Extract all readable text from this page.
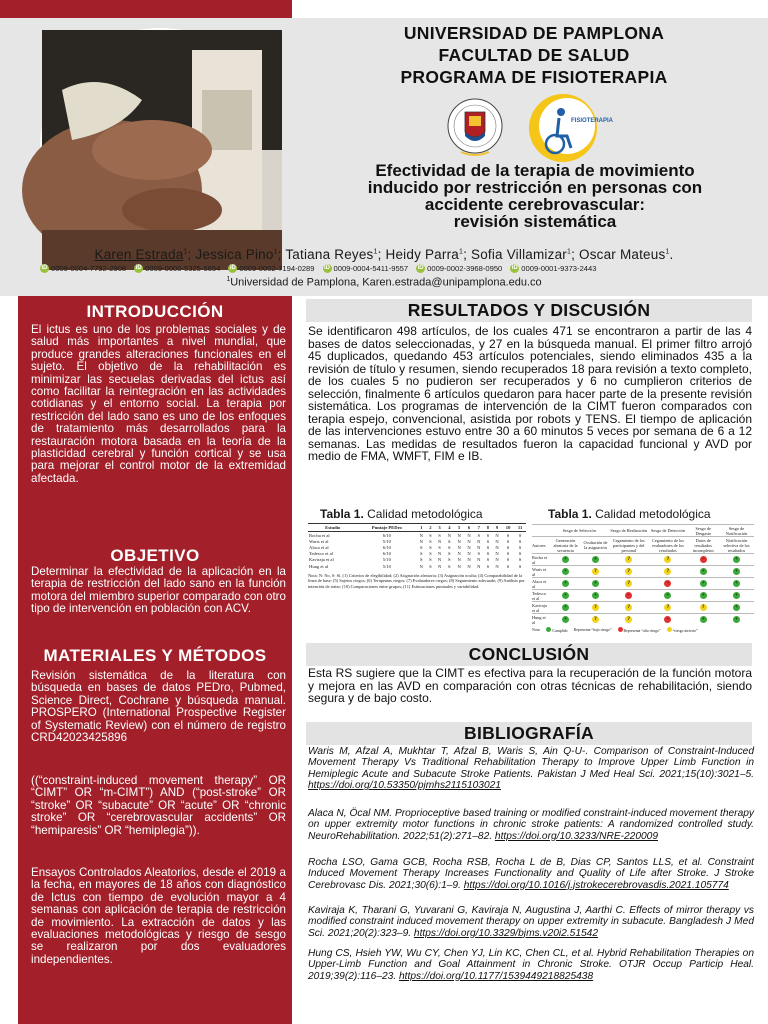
UNIVERSIDAD DE PAMPLONA
FACULTAD DE SALUD
PROGRAMA DE FISIOTERAPIA
FISIOTERAPIA
Efectividad de la terapia de movimiento
inducido por restricción en personas con
accidente cerebrovascular:
revisión sistemática
Karen Estrada$^1$; Jessica Pino$^1$; Tatiana Reyes$^1$; Heidy Parra$^1$; Sofia Villamizar$^1$; Oscar Mateus$^1$.
iD 0009-0004-7792-2908 iD 0009-0000-5325-5654 iD 0009-0002-7194-0289 iD 0009-0004-5411-9557 iD 0009-0002-3968-0950 iD 0009-0001-9373-2443
$^1$Universidad de Pamplona, Karen.estrada@unipamplona.edu.co
INTRODUCCIÓN
El ictus es uno de los problemas sociales y de salud más importantes a nivel mundial, que produce grandes alteraciones funcionales en el sujeto. El objetivo de la rehabilitación es minimizar las secuelas derivadas del ictus así como facilitar la reintegración en las actividades cotidianas y el entorno social. La terapia por restricción del lado sano es uno de los enfoques de tratamiento más desarrollados para la restauración motora basada en la teoría de la plasticidad cerebral y función cortical y se usa para mejorar el control motor de la extremidad afectada.
OBJETIVO
Determinar la efectividad de la aplicación en la terapia de restricción del lado sano en la función motora del miembro superior comparado con otro tipo de intervención en población con ACV.
MATERIALES Y MÉTODOS
Revisión sistemática de la literatura con búsqueda en bases de datos PEDro, Pubmed, Science Direct, Cochrane y búsqueda manual. PROSPERO (International Prospective Register of Systematic Review) con el número de registro CRD42023425896
((“constraint-induced movement therapy” OR “CIMT” OR “m-CIMT”) AND (“post-stroke” OR “stroke” OR “subacute” OR “acute” OR “chronic stroke” OR “cerebrovascular accidents” OR “hemiparesis” OR “hemiplegia”)).
Ensayos Controlados Aleatorios, desde el 2019 a la fecha, en mayores de 18 años con diagnóstico de Ictus con tiempo de evolución mayor a 4 semanas con aplicación de terapia de restricción de movimiento. La extracción de datos y las evaluaciones metodológicas y riesgo de sesgo se realizaron por dos evaluadores independientes.
RESULTADOS Y DISCUSIÓN
Se identificaron 498 artículos, de los cuales 471 se encontraron a partir de las 4 bases de datos seleccionadas, y 27 en la búsqueda manual. El primer filtro arrojó 45 duplicados, quedando 453 artículos potenciales, siendo eliminados 435 a la revisión de título y resumen, siendo recuperados 18 para revisión a texto completo, de los cuales 5 no pudieron ser recuperados y 6 no cumplieron criterios de selección, finalmente 6 artículos quedaron para hacer parte de la presente revisión sistemática. Los programas de intervención de la CIMT fueron comparados con terapia espejo, convencional, asistida por robots y TENS. El tiempo de aplicación de las intervenciones estuvo entre 30 a 60 minutos 5 veces por semana de 6 a 12 semanas. Las medidas de resultados fueron la capacidad funcional y AVD por medio de FMA, WMFT, FIM e IB.
Tabla 1. Calidad metodológica	Tabla 1. Calidad metodológica
Estudio	Puntaje PEDro	1	2	3	4	5	6	7	8	9	10	11
Rocha et al	6/10	N	S	S	N	N	N	S	S	N	S	S
Waris et al	5/10	N	S	N	S	N	N	N	S	N	S	S
Alaca et al	6/10	S	S	S	S	N	N	N	S	N	S	S
Tedesco et al	6/10	S	S	N	S	N	N	S	S	N	S	S
Kaviraja et al	5/10	S	S	N	S	N	N	N	S	N	S	S
Hung et al	5/10	N	S	N	S	N	N	N	S	N	S	S
Nota: N: No, S: Sí. (1) Criterios de elegibilidad; (2) Asignación aleatoria; (3) Asignación oculta; (4) Comparabilidad de la línea de base; (5) Sujetos ciegos; (6) Terapeutas ciegos; (7) Evaluadores ciegos; (8) Seguimiento adecuado; (9) Análisis por intención de tratar; (10) Comparaciones entre grupos; (11) Estimaciones puntuales y variabilidad.
	Sesgo de Selección		Sesgo de Realización	Sesgo de Detección	Sesgo de Desgaste	Sesgo de Notificación
Autores	Generación aleatoria de la secuencia	Ocultación de la asignación	Cegamiento de los participantes y del personal	Cegamiento de los evaluadores de los resultados	Datos de resultados incompletos	Notificación selectiva de los resultados
Rocha et al	+	+	?	?	−	+
Waris et al	+	?	?	?	+	+
Alaca et al	+	+	?	−	+	+
Tedesco et al	+	+	−	+	+	+
Kaviraja et al	+	?	?	?	?	+
Hung et al	+	?	?	−	+	+
Nota:	Cumplido Representa “bajo riesgo”	Representa “alto riesgo”	“riesgo incierto”
CONCLUSIÓN
Esta RS sugiere que la CIMT es efectiva para la recuperación de la función motora y mejora en las AVD en comparación con otras técnicas de rehabilitación, siendo segura y de bajo costo.
BIBLIOGRAFÍA
Waris M, Afzal A, Mukhtar T, Afzal B, Waris S, Ain Q-U-. Comparison of Constraint-Induced Movement Therapy Vs Traditional Rehabilitation Therapy to Improve Upper Limb Function in Hemiplegic Acute and Subacute Stroke Patients. Pakistan J Med Heal Sci. 2021;15(10):3021–5. https://doi.org/10.53350/pjmhs2115103021
Alaca N, Öcal NM. Proprioceptive based training or modified constraint-induced movement therapy on upper extremity motor functions in chronic stroke patients: A randomized controlled study. NeuroRehabilitation. 2022;51(2):271–82. https://doi.org/10.3233/NRE-220009
Rocha LSO, Gama GCB, Rocha RSB, Rocha L de B, Dias CP, Santos LLS, et al. Constraint Induced Movement Therapy Increases Functionality and Quality of Life after Stroke. J Stroke Cerebrovasc Dis. 2021;30(6):1–9. https://doi.org/10.1016/j.jstrokecerebrovasdis.2021.105774
Kaviraja K, Tharani G, Yuvarani G, Kaviraja N, Augustina J, Aarthi C. Effects of mirror therapy vs modified constraint induced movement therapy on upper extremity in subacute. Bangladesh J Med Sci. 2021;20(2):323–9. https://doi.org/10.3329/bjms.v20i2.51542
Hung CS, Hsieh YW, Wu CY, Chen YJ, Lin KC, Chen CL, et al. Hybrid Rehabilitation Therapies on Upper-Limb Function and Goal Attainment in Chronic Stroke. OTJR Occup Particip Heal. 2019;39(2):116–23. https://doi.org/10.1177/1539449218825438
